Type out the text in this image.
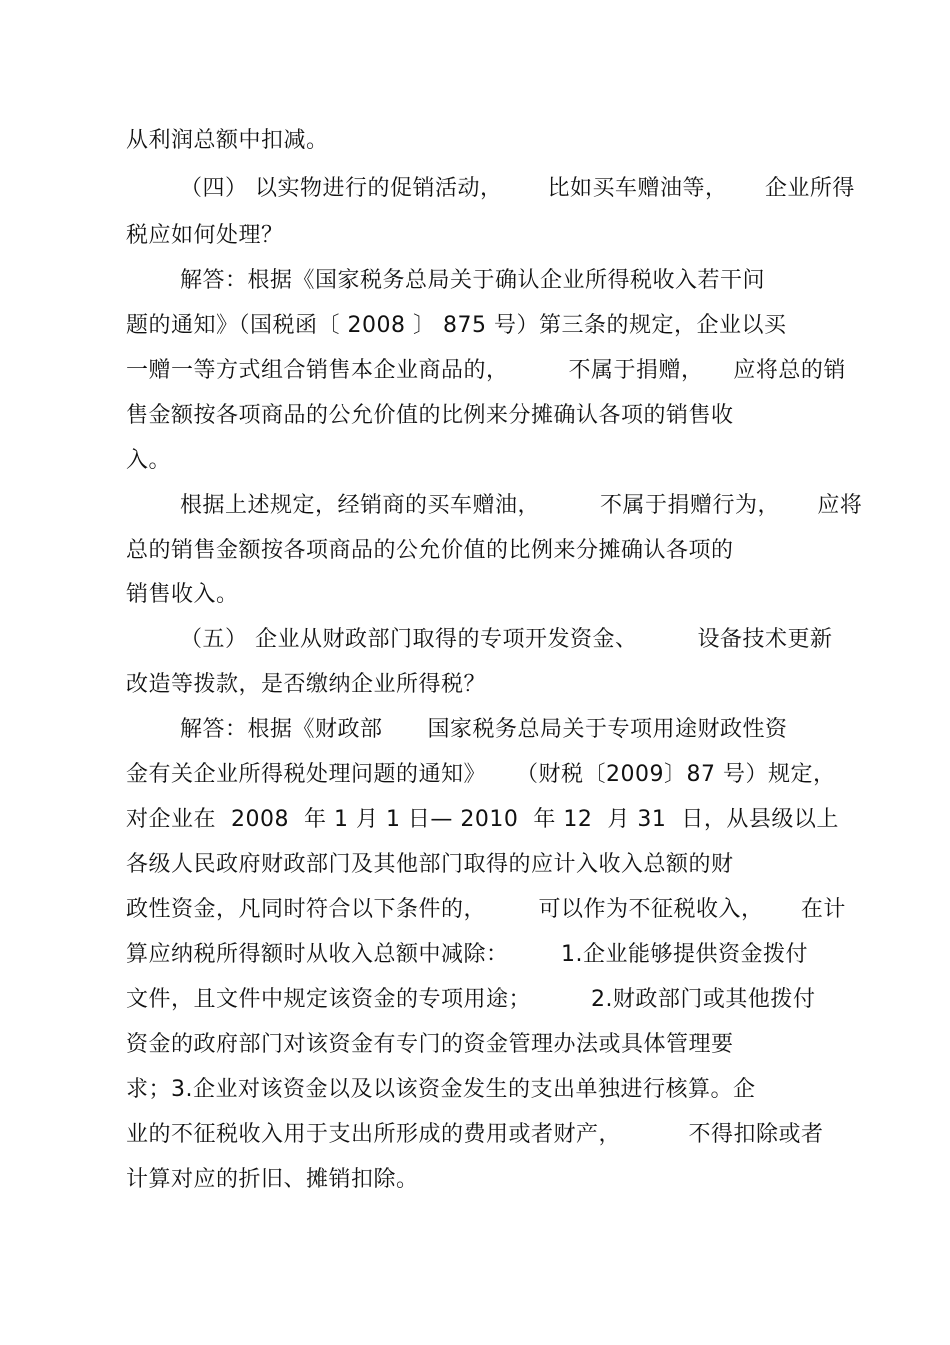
从利润总额中扣减。
（四） 以实物进行的促销活动，      比如买车赠油等，     企业所得
税应如何处理？
解答：根据《国家税务总局关于确认企业所得税收入若干问
题的通知》（国税函〔 2008 〕 875 号）第三条的规定，企业以买
一赠一等方式组合销售本企业商品的，        不属于捐赠，    应将总的销
售金额按各项商品的公允价值的比例来分摊确认各项的销售收
入。
根据上述规定，经销商的买车赠油，        不属于捐赠行为，     应将
总的销售金额按各项商品的公允价值的比例来分摊确认各项的
销售收入。
（五） 企业从财政部门取得的专项开发资金、        设备技术更新
改造等拨款，是否缴纳企业所得税？
解答：根据《财政部      国家税务总局关于专项用途财政性资
金有关企业所得税处理问题的通知》    （财税〔2009〕87 号）规定，
对企业在  2008  年 1 月 1 日— 2010  年 12  月 31  日，从县级以上
各级人民政府财政部门及其他部门取得的应计入收入总额的财
政性资金，凡同时符合以下条件的，       可以作为不征税收入，     在计
算应纳税所得额时从收入总额中减除：       1.企业能够提供资金拨付
文件，且文件中规定该资金的专项用途；        2.财政部门或其他拨付
资金的政府部门对该资金有专门的资金管理办法或具体管理要
求；3.企业对该资金以及以该资金发生的支出单独进行核算。企
业的不征税收入用于支出所形成的费用或者财产，         不得扣除或者
计算对应的折旧、摊销扣除。
